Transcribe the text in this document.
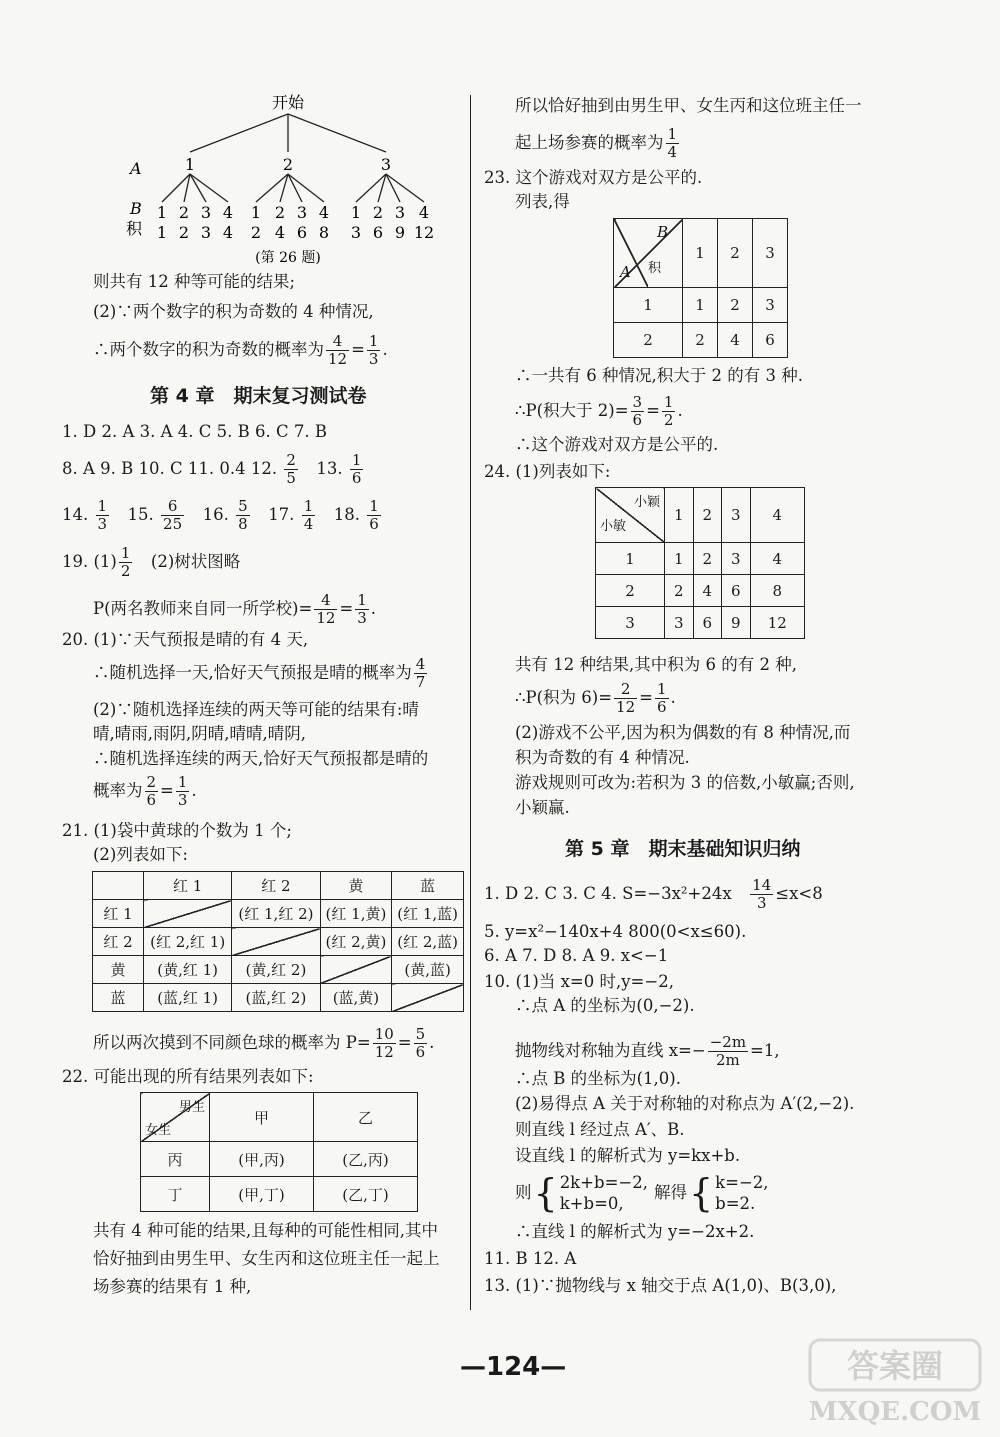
开始
A
B
积
1	2	3
1 2 3 4 1 2 3 4 1 2 3 4
1 2 3 4 2 4 6 8 3 6 9 12
(第 26 题)
则共有 12 种等可能的结果;
(2)∵两个数字的积为奇数的 4 种情况,
∴两个数字的积为奇数的概率为 $\frac{4}{12} = \frac{1}{3}$ .
第 4 章　期末复习测试卷
1. D 2. A 3. A 4. C 5. B 6. C 7. B
8. A 9. B 10. C 11. 0.4 12. $\frac{2}{5}$
　 13. $\frac{1}{6}$
14. $\frac{1}{3}$
　 15. $\frac{6}{25}$
　 16. $\frac{5}{8}$
　 17. $\frac{1}{4}$
　 18. $\frac{1}{6}$
19. $(1) \frac{1}{2}$
　 (2)树状图略
P(两名教师来自同一所学校)= $\frac{4}{12} = \frac{1}{3}$ .
20. (1)∵天气预报是晴的有 4 天,
∴随机选择一天,恰好天气预报是晴的概率为 $\frac{4}{7}$
(2)∵随机选择连续的两天等可能的结果有:晴
晴,晴雨,雨阴,阴晴,晴晴,晴阴,
∴随机选择连续的两天,恰好天气预报都是晴的
概率为 $\frac{2}{6} = \frac{1}{3}$ .
21. (1)袋中黄球的个数为 1 个;
(2)列表如下:
	红 1	红 2	黄	蓝
红 1		(红 1,红 2)	(红 1,黄)	(红 1,蓝)
红 2	(红 2,红 1)		(红 2,黄)	(红 2,蓝)
黄	(黄,红 1)	(黄,红 2)		(黄,蓝)
蓝	(蓝,红 1)	(蓝,红 2)	(蓝,黄)	
所以两次摸到不同颜色球的概率为 $P= \frac{10}{12} = \frac{5}{6}$ .
22. 可能出现的所有结果列表如下:
男生
女生	甲	乙
丙	(甲,丙)	(乙,丙)
丁	(甲,丁)	(乙,丁)
共有 4 种可能的结果,且每种的可能性相同,其中
恰好抽到由男生甲、女生丙和这位班主任一起上
场参赛的结果有 1 种,
所以恰好抽到由男生甲、女生丙和这位班主任一
起上场参赛的概率为 $\frac{1}{4}$
23. 这个游戏对双方是公平的.
列表,得
B
A 积	1	2	3
1	1	2	3
2	2	4	6
∴一共有 6 种情况,积大于 2 的有 3 种.
∴P(积大于 $2)= \frac{3}{6} = \frac{1}{2}$ .
∴这个游戏对双方是公平的.
24. (1)列表如下:
小颖
小敏	1	2	3	4
1	1	2	3	4
2	2	4	6	8
3	3	6	9	12
共有 12 种结果,其中积为 6 的有 2 种,
∴P(积为 $6)= \frac{2}{12} = \frac{1}{6}$ .
(2)游戏不公平,因为积为偶数的有 8 种情况,而
积为奇数的有 4 种情况.
游戏规则可改为:若积为 3 的倍数,小敏赢;否则,
小颖赢.
第 5 章　期末基础知识归纳
1. D 2. C 3. C 4. S=−3x²+24x　 $\frac{14}{3} \le x<8$
5. y=x²−140x+4 800(0<x≤60).
6. A 7. D 8. A 9. x<−1
10. (1)当 x=0 时,y=−2,
∴点 A 的坐标为(0,−2).
抛物线对称轴为直线 $x=- \frac{-2m}{2m} =1$,
∴点 B 的坐标为(1,0).
(2)易得点 A 关于对称轴的对称点为 A′(2,−2).
则直线 l 经过点 A′、B.
设直线 l 的解析式为 y=kx+b.
则 { 2k+b=−2,
k+b=0,
解得 { k=−2,
b=2.
∴直线 l 的解析式为 y=−2x+2.
11. B 12. A
13. (1)∵抛物线与 x 轴交于点 A(1,0)、B(3,0),
—124—	答案圈
MXQE.COM
